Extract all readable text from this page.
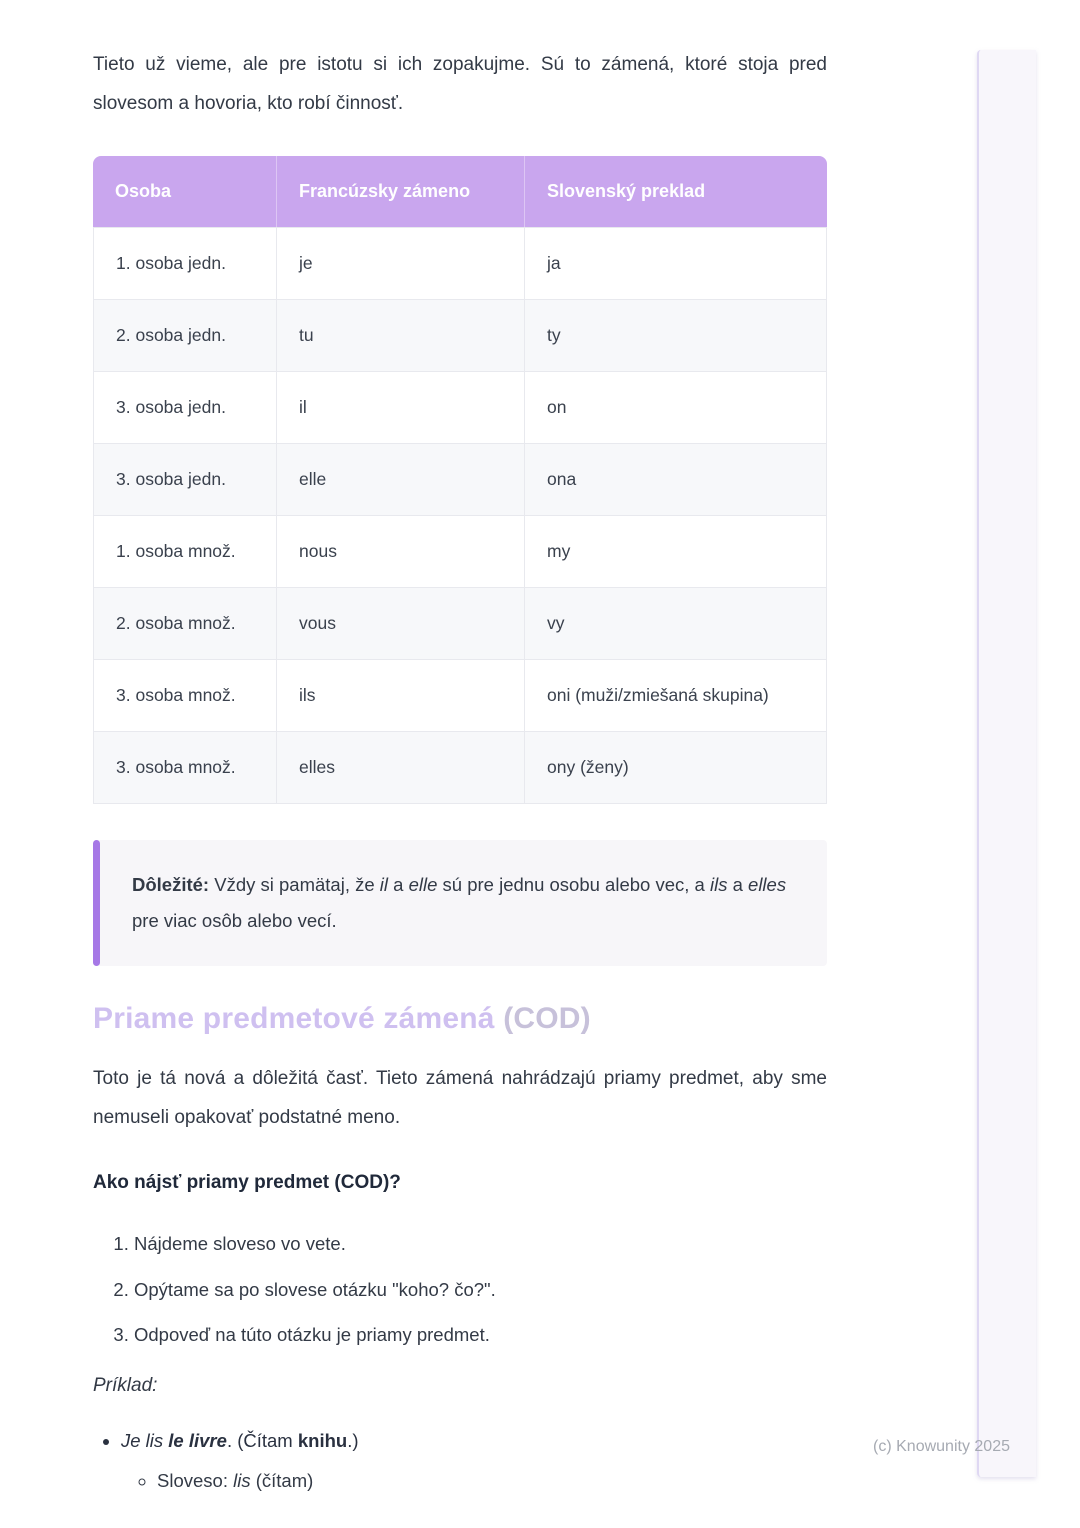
Tieto už vieme, ale pre istotu si ich zopakujme. Sú to zámená, ktoré stoja pred slovesom a hovoria, kto robí činnosť.

Osoba	Francúzsky zámeno	Slovenský preklad
1. osoba jedn.	je	ja
2. osoba jedn.	tu	ty
3. osoba jedn.	il	on
3. osoba jedn.	elle	ona
1. osoba množ.	nous	my
2. osoba množ.	vous	vy
3. osoba množ.	ils	oni (muži/zmiešaná skupina)
3. osoba množ.	elles	ony (ženy)

Dôležité: Vždy si pamätaj, že il a elle sú pre jednu osobu alebo vec, a ils a elles pre viac osôb alebo vecí.

Priame predmetové zámená (COD)

Toto je tá nová a dôležitá časť. Tieto zámená nahrádzajú priamy predmet, aby sme nemuseli opakovať podstatné meno.

Ako nájsť priamy predmet (COD)?

1. Nájdeme sloveso vo vete.
2. Opýtame sa po slovese otázku "koho? čo?".
3. Odpoveď na túto otázku je priamy predmet.

Príklad:

• Je lis le livre. (Čítam knihu.)
◦ Sloveso: lis (čítam)
(c) Knowunity 2025
